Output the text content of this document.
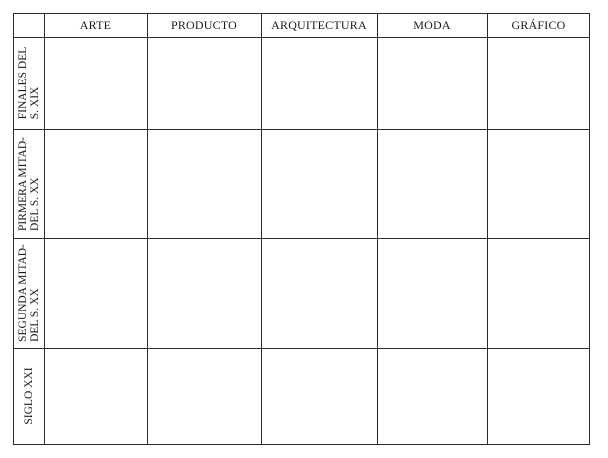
ARTE	PRODUCTO	ARQUITECTURA	MODA	GRÁFICO
FINALES DEL S. XIX
PIRMERA MITAD- DEL S. XX
SEGUNDA MITAD- DEL S. XX
SIGLO XXI
